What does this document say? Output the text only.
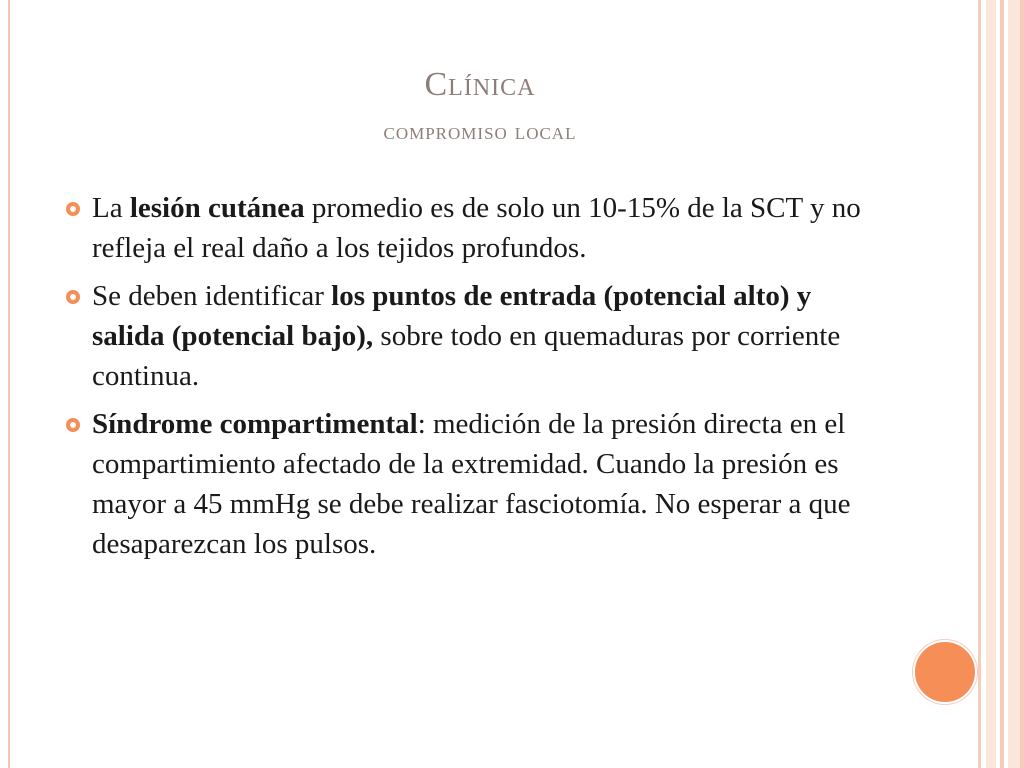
Clínica
compromiso local
La lesión cutánea promedio es de solo un 10-15% de la SCT y no refleja el real daño a los tejidos profundos.
Se deben identificar los puntos de entrada (potencial alto) y salida (potencial bajo), sobre todo en quemaduras por corriente continua.
Síndrome compartimental: medición de la presión directa en el compartimiento afectado de la extremidad. Cuando la presión es mayor a 45 mmHg se debe realizar fasciotomía. No esperar a que desaparezcan los pulsos.
